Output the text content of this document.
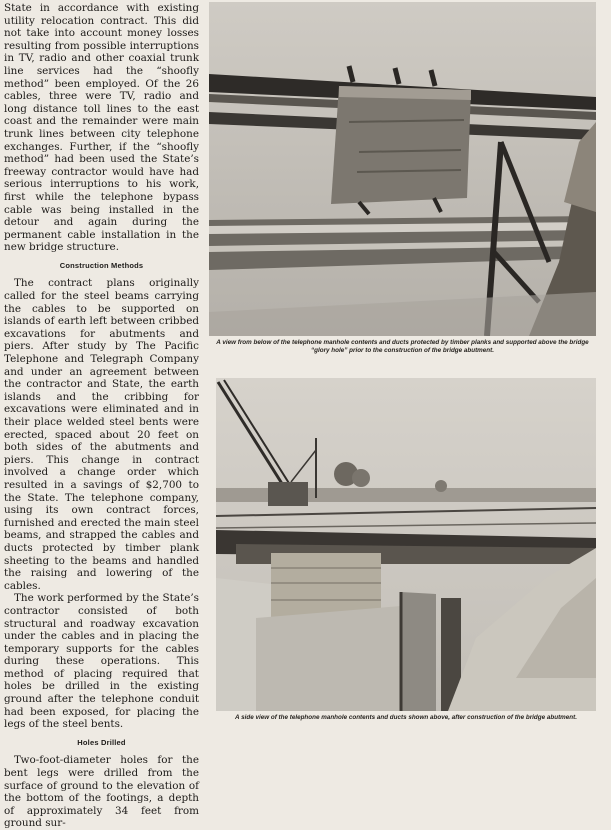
State in accordance with existing utility relocation contract. This did not take into account money losses resulting from possible interruptions in TV, radio and other coaxial trunk line services had the “shoofly method” been employed. Of the 26 cables, three were TV, radio and long distance toll lines to the east coast and the remainder were main trunk lines between city telephone exchanges. Further, if the “shoofly method” had been used the State’s freeway contractor would have had serious interruptions to his work, first while the telephone bypass cable was being installed in the detour and again during the permanent cable installation in the new bridge structure.

Construction Methods

The contract plans originally called for the steel beams carrying the cables to be supported on islands of earth left between cribbed excavations for abutments and piers. After study by The Pacific Telephone and Telegraph Company and under an agreement between the contractor and State, the earth islands and the cribbing for excavations were eliminated and in their place welded steel bents were erected, spaced about 20 feet on both sides of the abutments and piers. This change in contract involved a change order which resulted in a savings of $2,700 to the State. The telephone company, using its own contract forces, furnished and erected the main steel beams, and strapped the cables and ducts protected by timber plank sheeting to the beams and handled the raising and lowering of the cables.

The work performed by the State’s contractor consisted of both structural and roadway excavation under the cables and in placing the temporary supports for the cables during these operations. This method of placing required that holes be drilled in the existing ground after the telephone conduit had been exposed, for placing the legs of the steel bents.

Holes Drilled

Two-foot-diameter holes for the bent legs were drilled from the surface of ground to the elevation of the bottom of the footings, a depth of approximately 34 feet from ground sur-

A view from below of the telephone manhole contents and ducts protected by timber planks and supported above the bridge “glory hole” prior to the construction of the bridge abutment.
A side view of the telephone manhole contents and ducts shown above, after construction of the bridge abutment.
